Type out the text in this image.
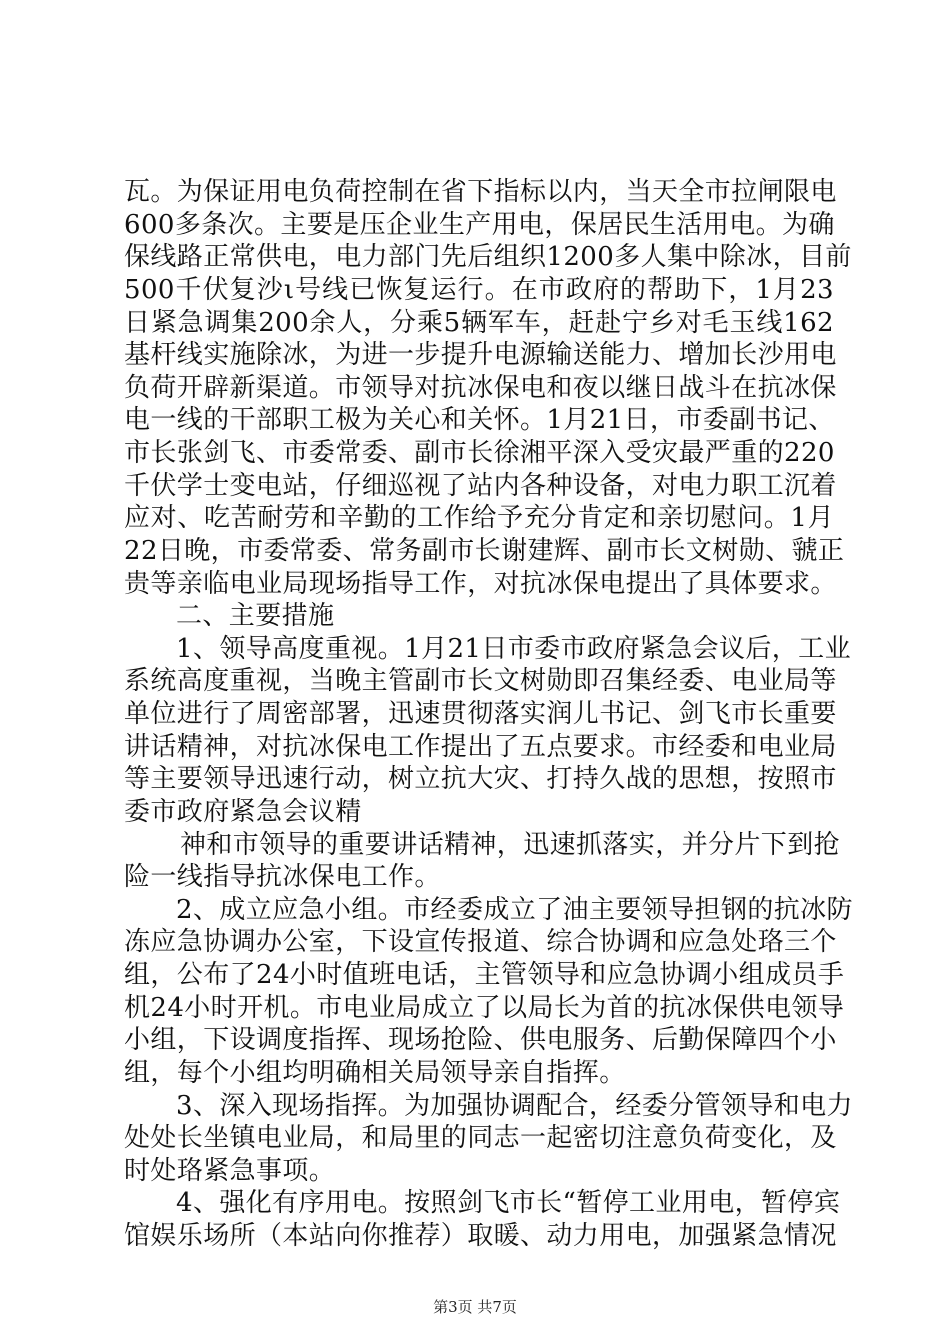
瓦。为保证用电负荷控制在省下指标以内，当天全市拉闸限电
600多条次。主要是压企业生产用电，保居民生活用电。为确
保线路正常供电，电力部门先后组织1200多人集中除冰，目前
500千伏复沙ι号线已恢复运行。在市政府的帮助下，1月23
日紧急调集200余人，分乘5辆军车，赶赴宁乡对毛玉线162
基杆线实施除冰，为进一步提升电源输送能力、增加长沙用电
负荷开辟新渠道。市领导对抗冰保电和夜以继日战斗在抗冰保
电一线的干部职工极为关心和关怀。1月21日，市委副书记、
市长张剑飞、市委常委、副市长徐湘平深入受灾最严重的220
千伏学士变电站，仔细巡视了站内各种设备，对电力职工沉着
应对、吃苦耐劳和辛勤的工作给予充分肯定和亲切慰问。1月
22日晚，市委常委、常务副市长谢建辉、副市长文树勋、虢正
贵等亲临电业局现场指导工作，对抗冰保电提出了具体要求。
二、主要措施
1、领导高度重视。1月21日市委市政府紧急会议后，工业
系统高度重视，当晚主管副市长文树勋即召集经委、电业局等
单位进行了周密部署，迅速贯彻落实润儿书记、剑飞市长重要
讲话精神，对抗冰保电工作提出了五点要求。市经委和电业局
等主要领导迅速行动，树立抗大灾、打持久战的思想，按照市
委市政府紧急会议精
神和市领导的重要讲话精神，迅速抓落实，并分片下到抢
险一线指导抗冰保电工作。
2、成立应急小组。市经委成立了油主要领导担钢的抗冰防
冻应急协调办公室，下设宣传报道、综合协调和应急处珞三个
组，公布了24小时值班电话，主管领导和应急协调小组成员手
机24小时开机。市电业局成立了以局长为首的抗冰保供电领导
小组，下设调度指挥、现场抢险、供电服务、后勤保障四个小
组，每个小组均明确相关局领导亲自指挥。
3、深入现场指挥。为加强协调配合，经委分管领导和电力
处处长坐镇电业局，和局里的同志一起密切注意负荷变化，及
时处珞紧急事项。
4、强化有序用电。按照剑飞市长“暂停工业用电，暂停宾
馆娱乐场所（本站向你推荐）取暖、动力用电，加强紧急情况
第3页 共7页
